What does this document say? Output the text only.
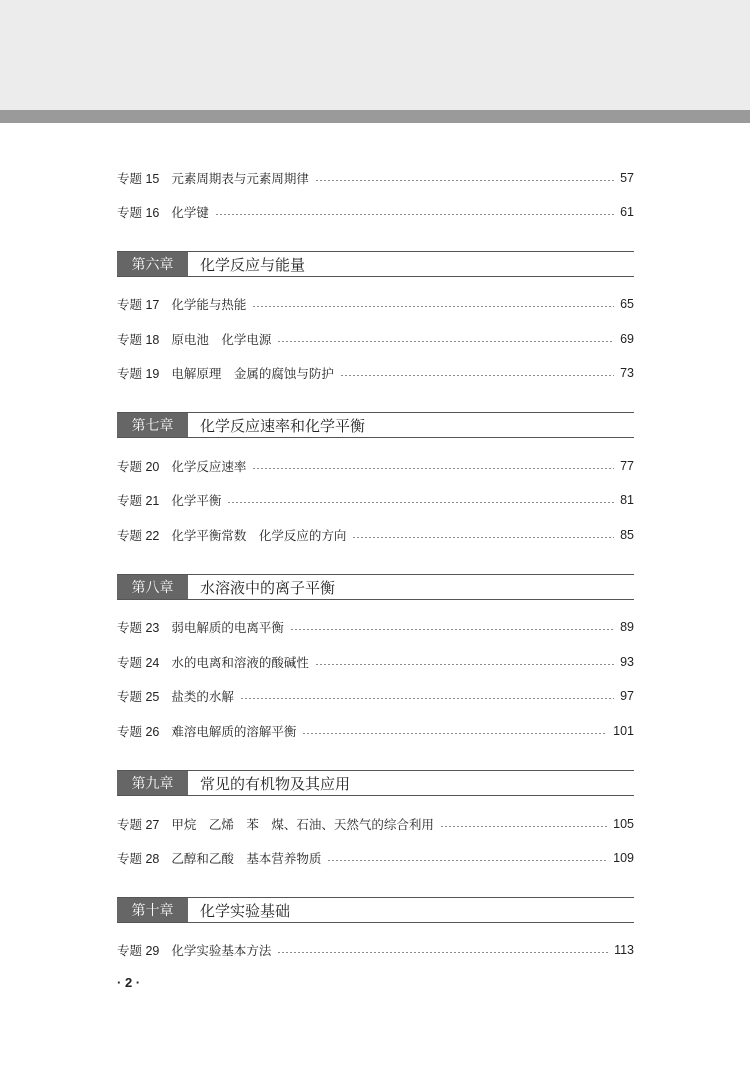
专题 15 元素周期表与元素周期律	57
专题 16 化学键	61
第六章	化学反应与能量
专题 17 化学能与热能	65
专题 18 原电池　化学电源	69
专题 19 电解原理　金属的腐蚀与防护	73
第七章	化学反应速率和化学平衡
专题 20 化学反应速率	77
专题 21 化学平衡	81
专题 22 化学平衡常数　化学反应的方向	85
第八章	水溶液中的离子平衡
专题 23 弱电解质的电离平衡	89
专题 24 水的电离和溶液的酸碱性	93
专题 25 盐类的水解	97
专题 26 难溶电解质的溶解平衡	101
第九章	常见的有机物及其应用
专题 27 甲烷　乙烯　苯　煤、石油、天然气的综合利用	105
专题 28 乙醇和乙酸　基本营养物质	109
第十章	化学实验基础
专题 29 化学实验基本方法	113
· 2 ·
